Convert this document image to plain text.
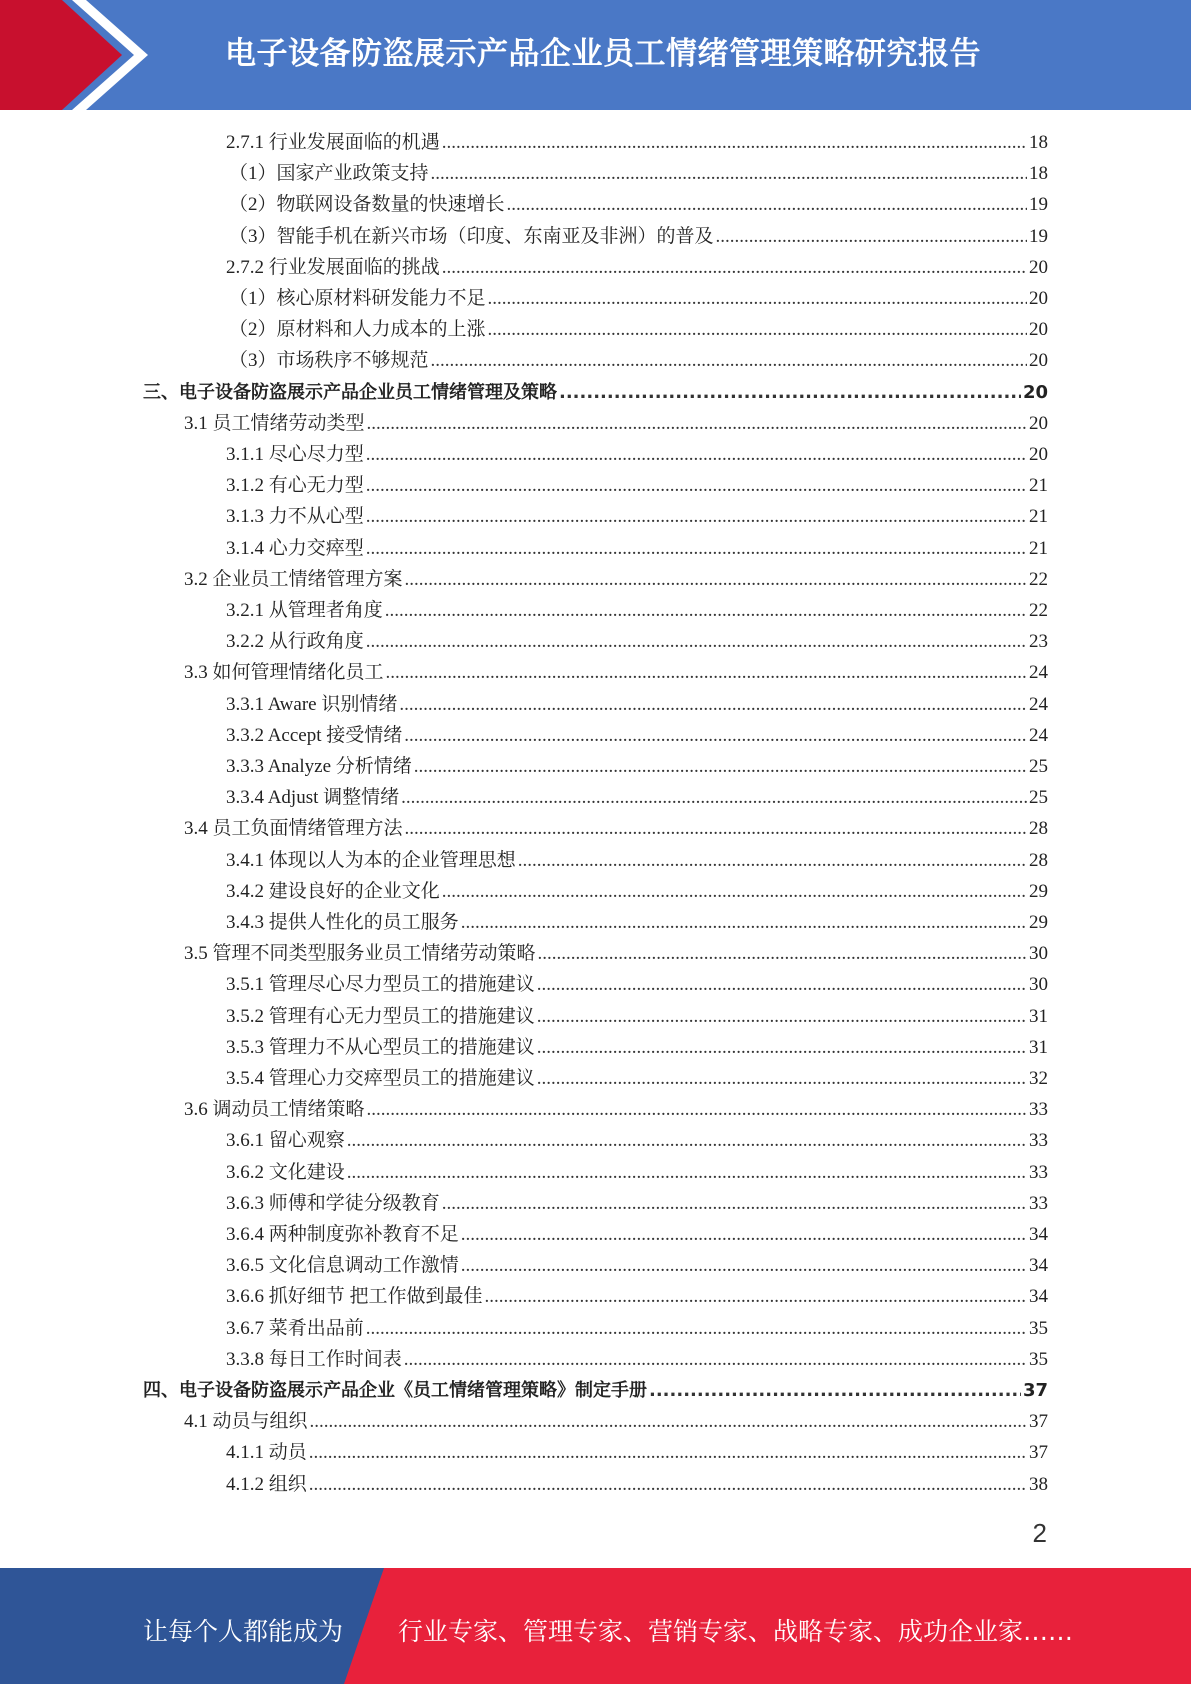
电子设备防盗展示产品企业员工情绪管理策略研究报告
2.7.1 行业发展面临的机遇 .....	18
（1）国家产业政策支持 .....	18
（2）物联网设备数量的快速增长 .....	19
（3）智能手机在新兴市场（印度、东南亚及非洲）的普及 .....	19
2.7.2 行业发展面临的挑战 .....	20
（1）核心原材料研发能力不足 .....	20
（2）原材料和人力成本的上涨 .....	20
（3）市场秩序不够规范 .....	20
三、电子设备防盗展示产品企业员工情绪管理及策略 .....	20
3.1 员工情绪劳动类型 .....	20
3.1.1 尽心尽力型 .....	20
3.1.2 有心无力型 .....	21
3.1.3 力不从心型 .....	21
3.1.4 心力交瘁型 .....	21
3.2 企业员工情绪管理方案 .....	22
3.2.1 从管理者角度 .....	22
3.2.2 从行政角度 .....	23
3.3 如何管理情绪化员工 .....	24
3.3.1 Aware 识别情绪 .....	24
3.3.2 Accept 接受情绪 .....	24
3.3.3 Analyze 分析情绪 .....	25
3.3.4 Adjust 调整情绪 .....	25
3.4 员工负面情绪管理方法 .....	28
3.4.1 体现以人为本的企业管理思想 .....	28
3.4.2 建设良好的企业文化 .....	29
3.4.3 提供人性化的员工服务 .....	29
3.5 管理不同类型服务业员工情绪劳动策略 .....	30
3.5.1 管理尽心尽力型员工的措施建议 .....	30
3.5.2 管理有心无力型员工的措施建议 .....	31
3.5.3 管理力不从心型员工的措施建议 .....	31
3.5.4 管理心力交瘁型员工的措施建议 .....	32
3.6 调动员工情绪策略 .....	33
3.6.1 留心观察 .....	33
3.6.2 文化建设 .....	33
3.6.3 师傅和学徒分级教育 .....	33
3.6.4 两种制度弥补教育不足 .....	34
3.6.5 文化信息调动工作激情 .....	34
3.6.6 抓好细节 把工作做到最佳 .....	34
3.6.7 菜肴出品前 .....	35
3.3.8 每日工作时间表 .....	35
四、电子设备防盗展示产品企业《员工情绪管理策略》制定手册 .....	37
4.1 动员与组织 .....	37
4.1.1 动员 .....	37
4.1.2 组织 .....	38
2
让每个人都能成为 行业专家、管理专家、营销专家、战略专家、成功企业家……
